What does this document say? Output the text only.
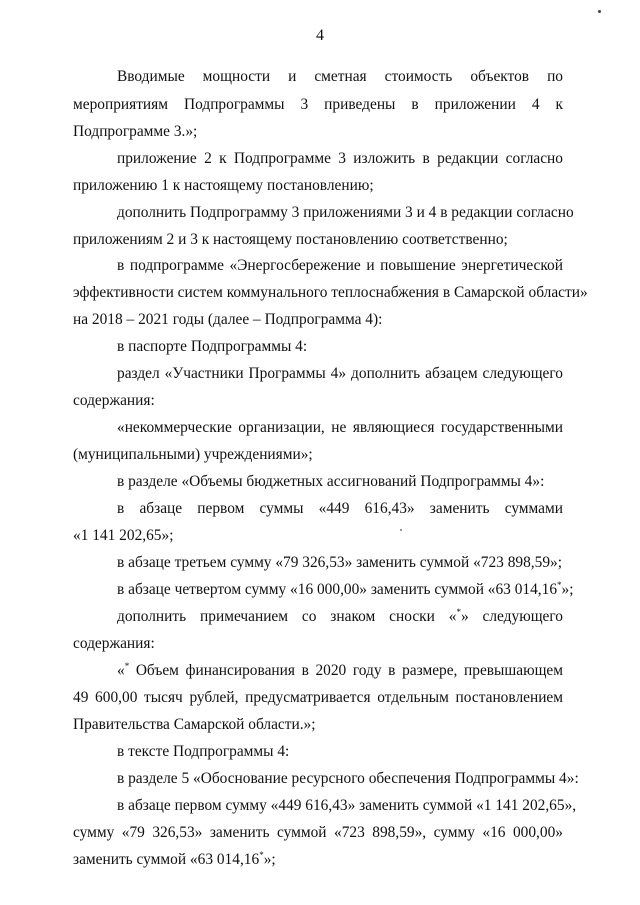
4
Вводимые мощности и сметная стоимость объектов по
мероприятиям Подпрограммы 3 приведены в приложении 4 к
Подпрограмме 3.»;
приложение 2 к Подпрограмме 3 изложить в редакции согласно
приложению 1 к настоящему постановлению;
дополнить Подпрограмму 3 приложениями 3 и 4 в редакции согласно
приложениям 2 и 3 к настоящему постановлению соответственно;
в подпрограмме «Энергосбережение и повышение энергетической
эффективности систем коммунального теплоснабжения в Самарской области»
на 2018 – 2021 годы (далее – Подпрограмма 4):
в паспорте Подпрограммы 4:
раздел «Участники Программы 4» дополнить абзацем следующего
содержания:
«некоммерческие организации, не являющиеся государственными
(муниципальными) учреждениями»;
в разделе «Объемы бюджетных ассигнований Подпрограммы 4»:
в абзаце первом суммы «449 616,43» заменить суммами
«1 141 202,65»;
в абзаце третьем сумму «79 326,53» заменить суммой «723 898,59»;
в абзаце четвертом сумму «16 000,00» заменить суммой «63 014,16*»;
дополнить примечанием со знаком сноски «*» следующего
содержания:
«* Объем финансирования в 2020 году в размере, превышающем
49 600,00 тысяч рублей, предусматривается отдельным постановлением
Правительства Самарской области.»;
в тексте Подпрограммы 4:
в разделе 5 «Обоснование ресурсного обеспечения Подпрограммы 4»:
в абзаце первом сумму «449 616,43» заменить суммой «1 141 202,65»,
сумму «79 326,53» заменить суммой «723 898,59», сумму «16 000,00»
заменить суммой «63 014,16*»;
